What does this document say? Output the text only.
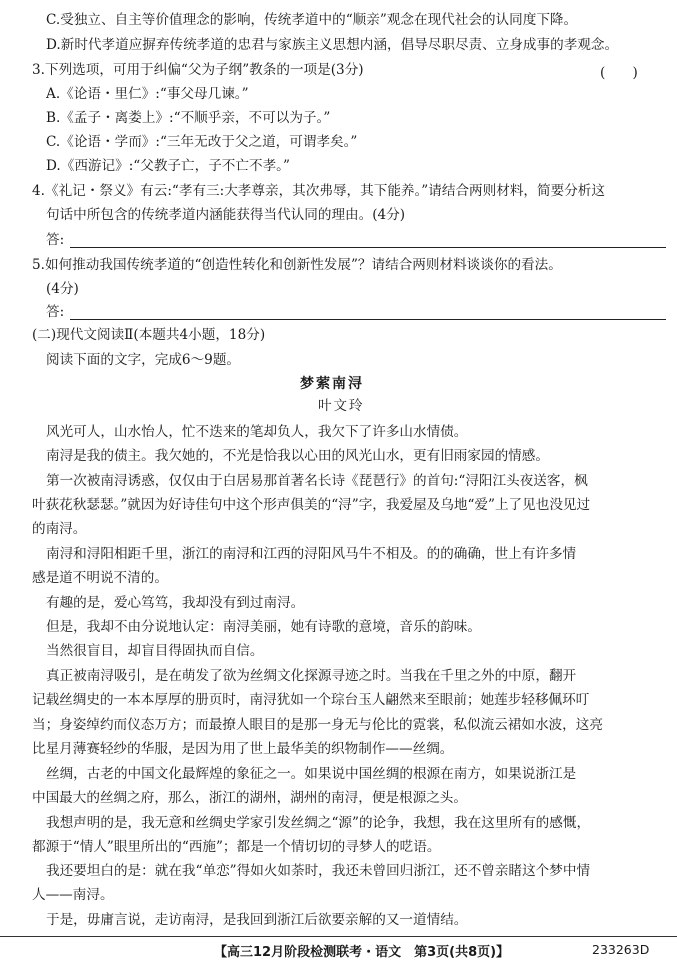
C.受独立、自主等价值理念的影响，传统孝道中的“顺亲”观念在现代社会的认同度下降。
D.新时代孝道应摒弃传统孝道的忠君与家族主义思想内涵，倡导尽职尽责、立身成事的孝观念。
3.下列选项，可用于纠偏“父为子纲”教条的一项是(3分)	(　　)
A.《论语・里仁》:“事父母几谏。”
B.《孟子・离娄上》:“不顺乎亲，不可以为子。”
C.《论语・学而》:“三年无改于父之道，可谓孝矣。”
D.《西游记》:“父教子亡，子不亡不孝。”
4.《礼记・祭义》有云:“孝有三:大孝尊亲，其次弗辱，其下能养。”请结合两则材料，简要分析这
句话中所包含的传统孝道内涵能获得当代认同的理由。(4分)
答:
5.如何推动我国传统孝道的“创造性转化和创新性发展”？请结合两则材料谈谈你的看法。
(4分)
答:
(二)现代文阅读Ⅱ(本题共4小题，18分)
阅读下面的文字，完成6～9题。
梦萦南浔
叶文玲
风光可人，山水怡人，忙不迭来的笔却负人，我欠下了许多山水情债。
南浔是我的债主。我欠她的，不光是恰我以心田的风光山水，更有旧雨家园的情感。
第一次被南浔诱惑，仅仅由于白居易那首著名长诗《琵琶行》的首句:“浔阳江头夜送客，枫
叶荻花秋瑟瑟。”就因为好诗佳句中这个形声俱美的“浔”字，我爱屋及乌地“爱”上了见也没见过
的南浔。
南浔和浔阳相距千里，浙江的南浔和江西的浔阳风马牛不相及。的的确确，世上有许多情
感是道不明说不清的。
有趣的是，爱心笃笃，我却没有到过南浔。
但是，我却不由分说地认定：南浔美丽，她有诗歌的意境，音乐的韵味。
当然很盲目，却盲目得固执而自信。
真正被南浔吸引，是在萌发了欲为丝绸文化探源寻迹之时。当我在千里之外的中原，翻开
记载丝绸史的一本本厚厚的册页时，南浔犹如一个琮台玉人翩然来至眼前；她莲步轻移佩环叮
当；身姿绰约而仪态万方；而最撩人眼目的是那一身无与伦比的霓裳，私似流云裙如水波，这亮
比星月薄赛轻纱的华服，是因为用了世上最华美的织物制作——丝绸。
丝绸，古老的中国文化最辉煌的象征之一。如果说中国丝绸的根源在南方，如果说浙江是
中国最大的丝绸之府，那么，浙江的湖州，湖州的南浔，便是根源之头。
我想声明的是，我无意和丝绸史学家引发丝绸之“源”的论争，我想，我在这里所有的感慨，
都源于“情人”眼里所出的“西施”；都是一个情切切的寻梦人的呓语。
我还要坦白的是：就在我“单恋”得如火如荼时，我还未曾回归浙江，还不曾亲睹这个梦中情
人——南浔。
于是，毋庸言说，走访南浔，是我回到浙江后欲要亲解的又一道情结。
【高三12月阶段检测联考・语文　第3页(共8页)】	233263D
